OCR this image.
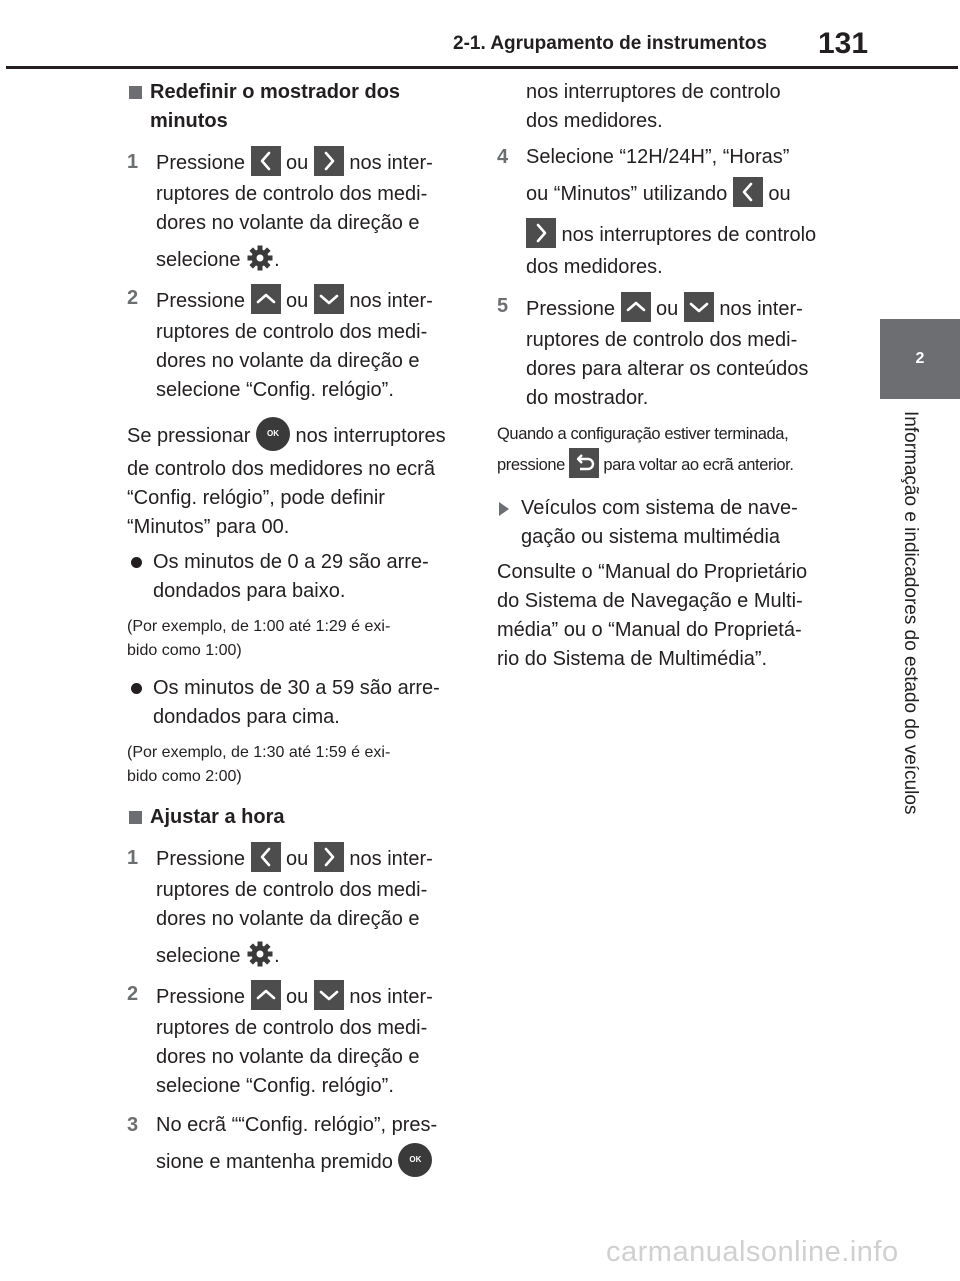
2-1. Agrupamento de instrumentos 131
2
Informação e indicadores do estado do veículos

Redefinir o mostrador dos

minutos

1 Pressione
ou
nos inter-

ruptores de controlo dos medi-

dores no volante da direção e

selecione .

2 Pressione
ou
nos inter-

ruptores de controlo dos medi-

dores no volante da direção e

selecione “Config. relógio”.

Se pressionar OK nos interruptores

de controlo dos medidores no ecrã

“Config. relógio”, pode definir

“Minutos” para 00.

Os minutos de 0 a 29 são arre-

dondados para baixo.

(Por exemplo, de 1:00 até 1:29 é exi-

bido como 1:00)

Os minutos de 30 a 59 são arre-

dondados para cima.

(Por exemplo, de 1:30 até 1:59 é exi-

bido como 2:00)

Ajustar a hora

1 Pressione
ou
nos inter-

ruptores de controlo dos medi-

dores no volante da direção e

selecione .

2 Pressione
ou
nos inter-

ruptores de controlo dos medi-

dores no volante da direção e

selecione “Config. relógio”.

3 No ecrã ““Config. relógio”, pres-

sione e mantenha premido OK

nos interruptores de controlo

dos medidores.

4 Selecione “12H/24H”, “Horas”

ou “Minutos” utilizando
ou

nos interruptores de controlo

dos medidores.

5 Pressione
ou
nos inter-

ruptores de controlo dos medi-

dores para alterar os conteúdos

do mostrador.

Quando a configuração estiver terminada,

pressione
para voltar ao ecrã anterior.

Veículos com sistema de nave-

gação ou sistema multimédia

Consulte o “Manual do Proprietário

do Sistema de Navegação e Multi-

média” ou o “Manual do Proprietá-

rio do Sistema de Multimédia”.

carmanualsonline.info
